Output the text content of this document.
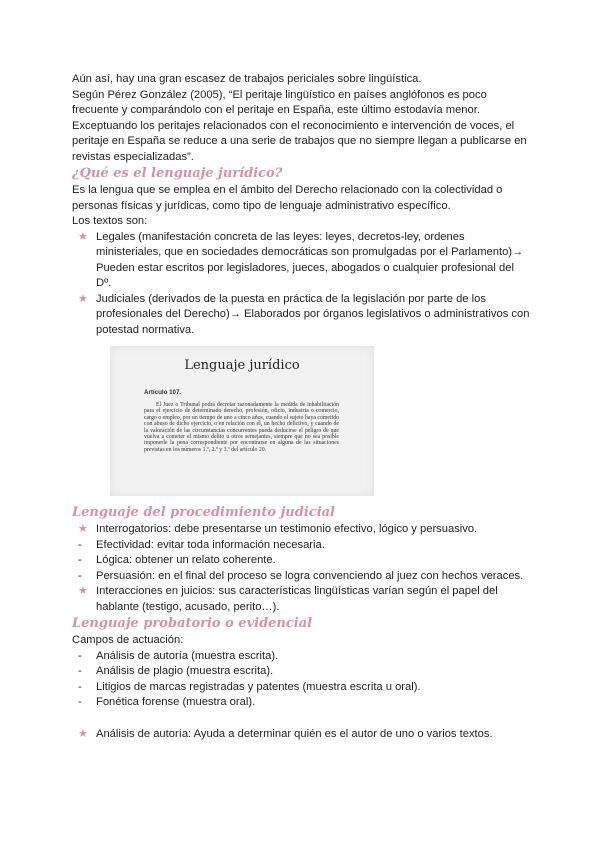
Aún así, hay una gran escasez de trabajos periciales sobre lingüística.

Según Pérez González (2005), “El peritaje lingüístico en países anglófonos es poco frecuente y comparándolo con el peritaje en España, este último estodavía menor. Exceptuando los peritajes relacionados con el reconocimiento e intervención de voces, el peritaje en España se reduce a una serie de trabajos que no siempre llegan a publicarse en revistas especializadas”.

¿Qué es el lenguaje jurídico?

Es la lengua que se emplea en el ámbito del Derecho relacionado con la colectividad o personas físicas y jurídicas, como tipo de lenguaje administrativo específico.

Los textos son:

★ Legales (manifestación concreta de las leyes: leyes, decretos-ley, ordenes ministeriales, que en sociedades democráticas son promulgadas por el Parlamento)→ Pueden estar escritos por legisladores, jueces, abogados o cualquier profesional del Dº.
★ Judiciales (derivados de la puesta en práctica de la legislación por parte de los profesionales del Derecho)→ Elaborados por órganos legislativos o administrativos con potestad normativa.
Lenguaje jurídico
Artículo 107.
El Juez o Tribunal podrá decretar razonadamente la medida de inhabilitación para el ejercicio de determinado derecho, profesión, oficio, industria o comercio, cargo o empleo, por un tiempo de uno a cinco años, cuando el sujeto haya cometido con abuso de dicho ejercicio, o en relación con él, un hecho delictivo, y cuando de la valoración de las circunstancias concurrentes pueda deducirse el peligro de que vuelva a cometer el mismo delito u otros semejantes, siempre que no sea posible imponerle la pena correspondiente por encontrarse en alguna de las situaciones previstas en los números 1.º, 2.º y 3.º del artículo 20.
Lenguaje del procedimiento judicial
★ Interrogatorios: debe presentarse un testimonio efectivo, lógico y persuasivo.
-	Efectividad: evitar toda información necesaria.
-	Lógica: obtener un relato coherente.
-	Persuasión: en el final del proceso se logra convenciendo al juez con hechos veraces.
★ Interacciones en juicios: sus características lingüísticas varían según el papel del hablante (testigo, acusado, perito…).
Lenguaje probatorio o evidencial

Campos de actuación:

-	Análisis de autoría (muestra escrita).
-	Análisis de plagio (muestra escrita).
-	Litigios de marcas registradas y patentes (muestra escrita u oral).
-	Fonética forense (muestra oral).
★ Análisis de autoría: Ayuda a determinar quién es el autor de uno o varios textos.
